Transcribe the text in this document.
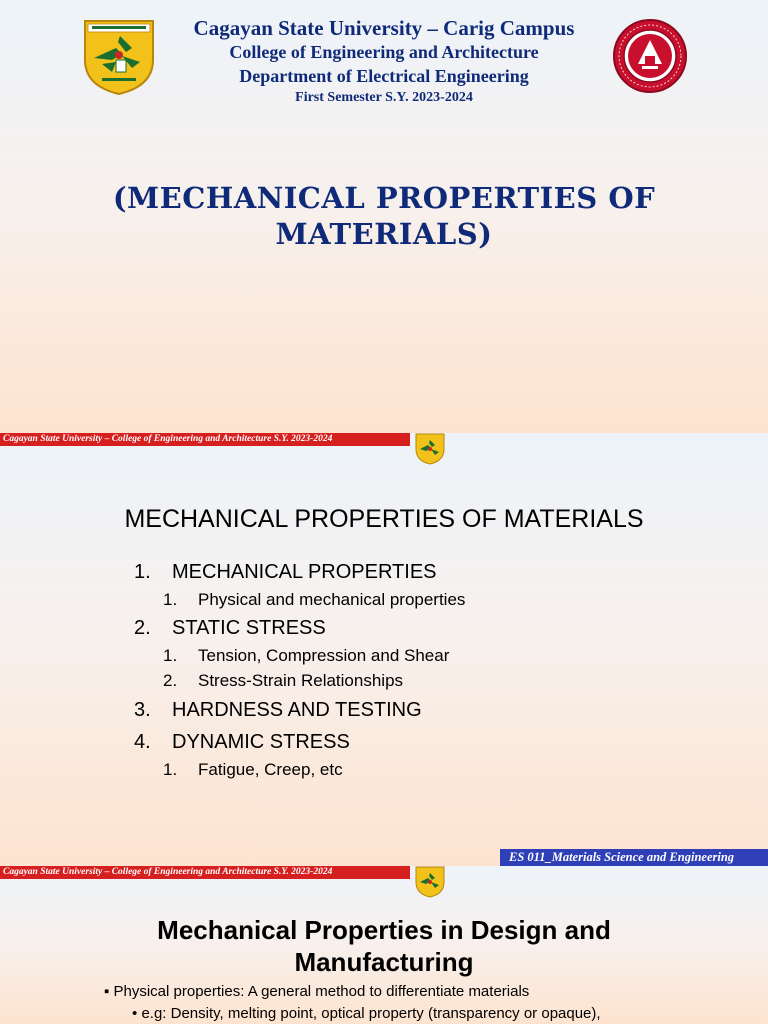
Cagayan State University – Carig Campus
College of Engineering and Architecture
Department of Electrical Engineering
First Semester S.Y. 2023-2024
(MECHANICAL PROPERTIES OF
MATERIALS)
Cagayan State University – College of Engineering and Architecture S.Y. 2023-2024
MECHANICAL PROPERTIES OF MATERIALS
1. MECHANICAL PROPERTIES
1. Physical and mechanical properties
2. STATIC STRESS
1. Tension, Compression and Shear
2. Stress-Strain Relationships
3. HARDNESS AND TESTING
4. DYNAMIC STRESS
1. Fatigue, Creep, etc
ES 011_Materials Science and Engineering
Cagayan State University – College of Engineering and Architecture S.Y. 2023-2024
Mechanical Properties in Design and
Manufacturing
▪ Physical properties: A general method to differentiate materials
• e.g: Density, melting point, optical property (transparency or opaque),
